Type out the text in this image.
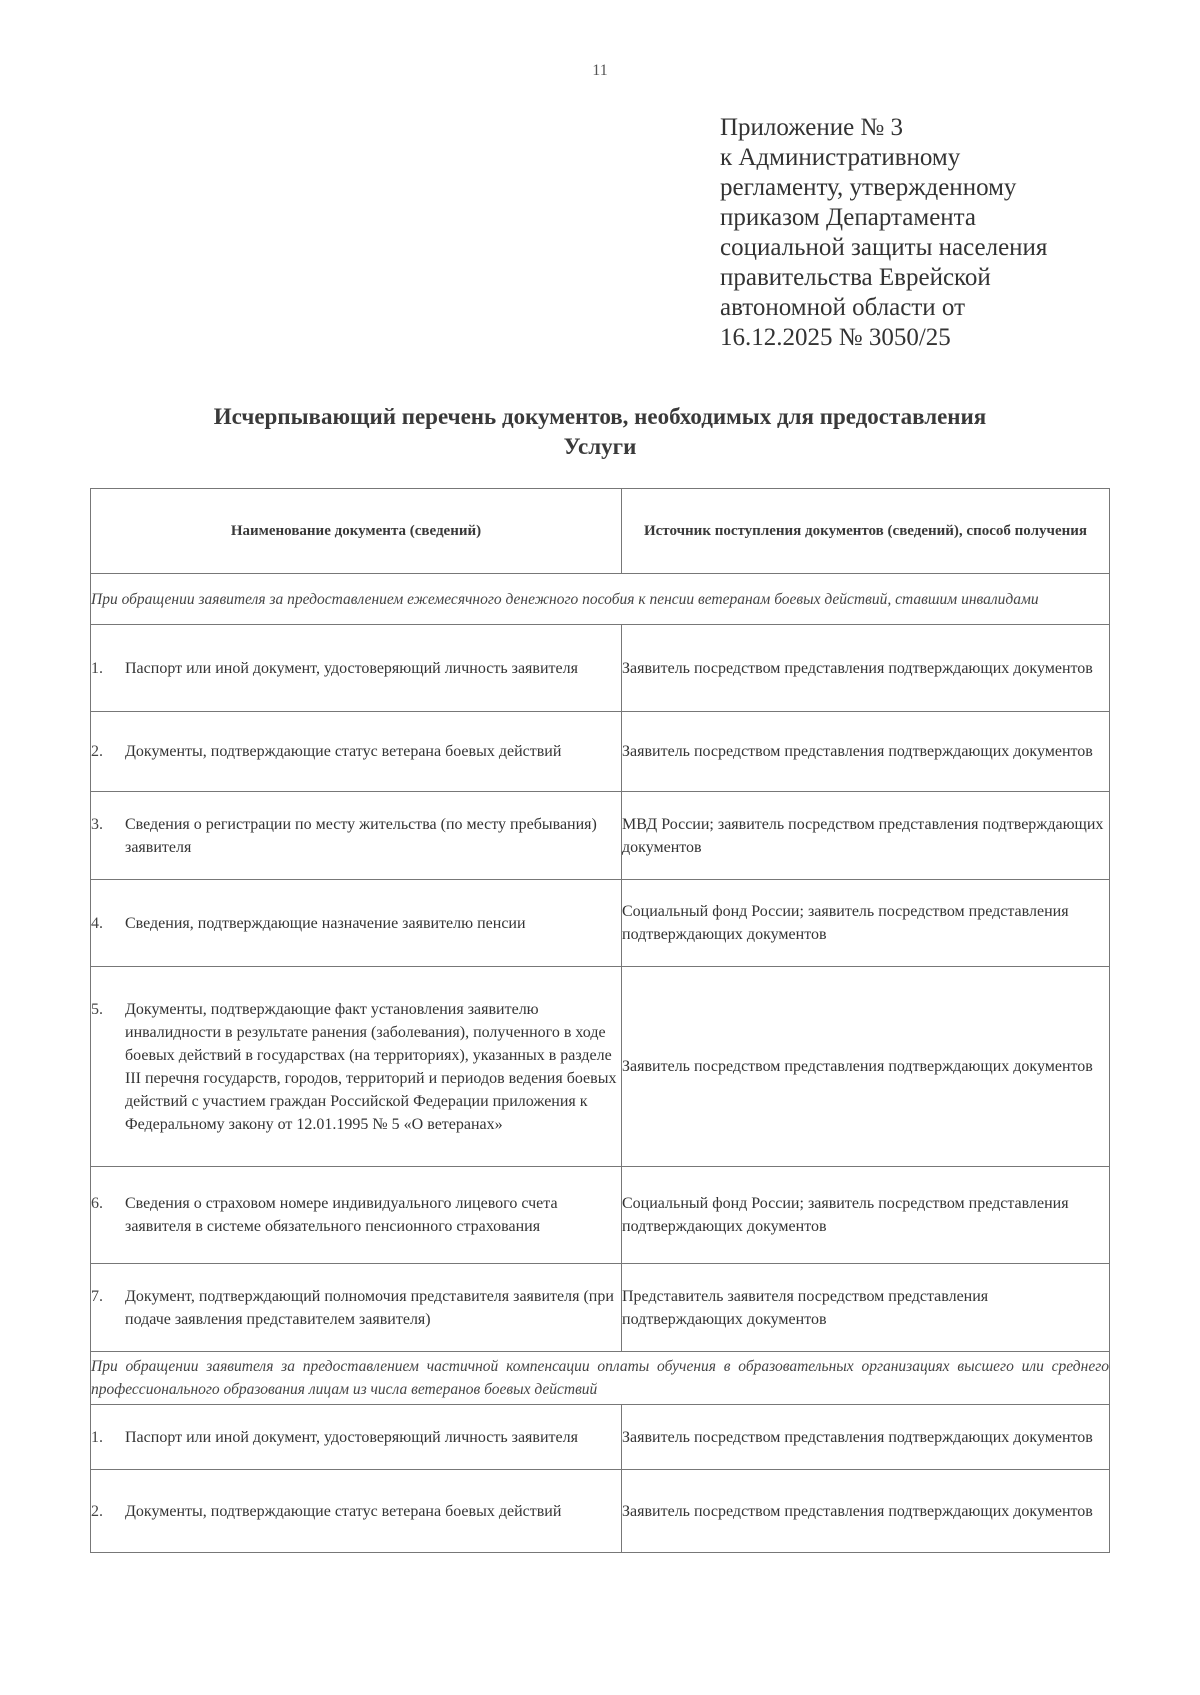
11
Приложение № 3
к Административному
регламенту, утвержденному
приказом Департамента
социальной защиты населения
правительства Еврейской
автономной области от
16.12.2025 № 3050/25
Исчерпывающий перечень документов, необходимых для предоставления
Услуги
Наименование документа (сведений)	Источник поступления документов (сведений), способ получения

При обращении заявителя за предоставлением ежемесячного денежного пособия к пенсии ветеранам боевых действий, ставшим инвалидами	

1. Паспорт или иной документ, удостоверяющий личность заявителя	Заявитель посредством представления подтверждающих документов

2. Документы, подтверждающие статус ветерана боевых действий	Заявитель посредством представления подтверждающих документов

3. Сведения о регистрации по месту жительства (по месту пребывания) заявителя	МВД России; заявитель посредством представления подтверждающих документов

4. Сведения, подтверждающие назначение заявителю пенсии	Социальный фонд России; заявитель посредством представления подтверждающих документов

5. Документы, подтверждающие факт установления заявителю инвалидности в результате ранения (заболевания), полученного в ходе боевых действий в государствах (на территориях), указанных в разделе III перечня государств, городов, территорий и периодов ведения боевых действий с участием граждан Российской Федерации приложения к Федеральному закону от 12.01.1995 № 5 «О ветеранах»	Заявитель посредством представления подтверждающих документов

6. Сведения о страховом номере индивидуального лицевого счета заявителя в системе обязательного пенсионного страхования	Социальный фонд России; заявитель посредством представления подтверждающих документов

7. Документ, подтверждающий полномочия представителя заявителя (при подаче заявления представителем заявителя)	Представитель заявителя посредством представления подтверждающих документов
При обращении заявителя за предоставлением частичной компенсации оплаты обучения в образовательных организациях высшего или среднего профессионального образования лицам из числа ветеранов боевых действий	

1. Паспорт или иной документ, удостоверяющий личность заявителя	Заявитель посредством представления подтверждающих документов

2. Документы, подтверждающие статус ветерана боевых действий	Заявитель посредством представления подтверждающих документов
